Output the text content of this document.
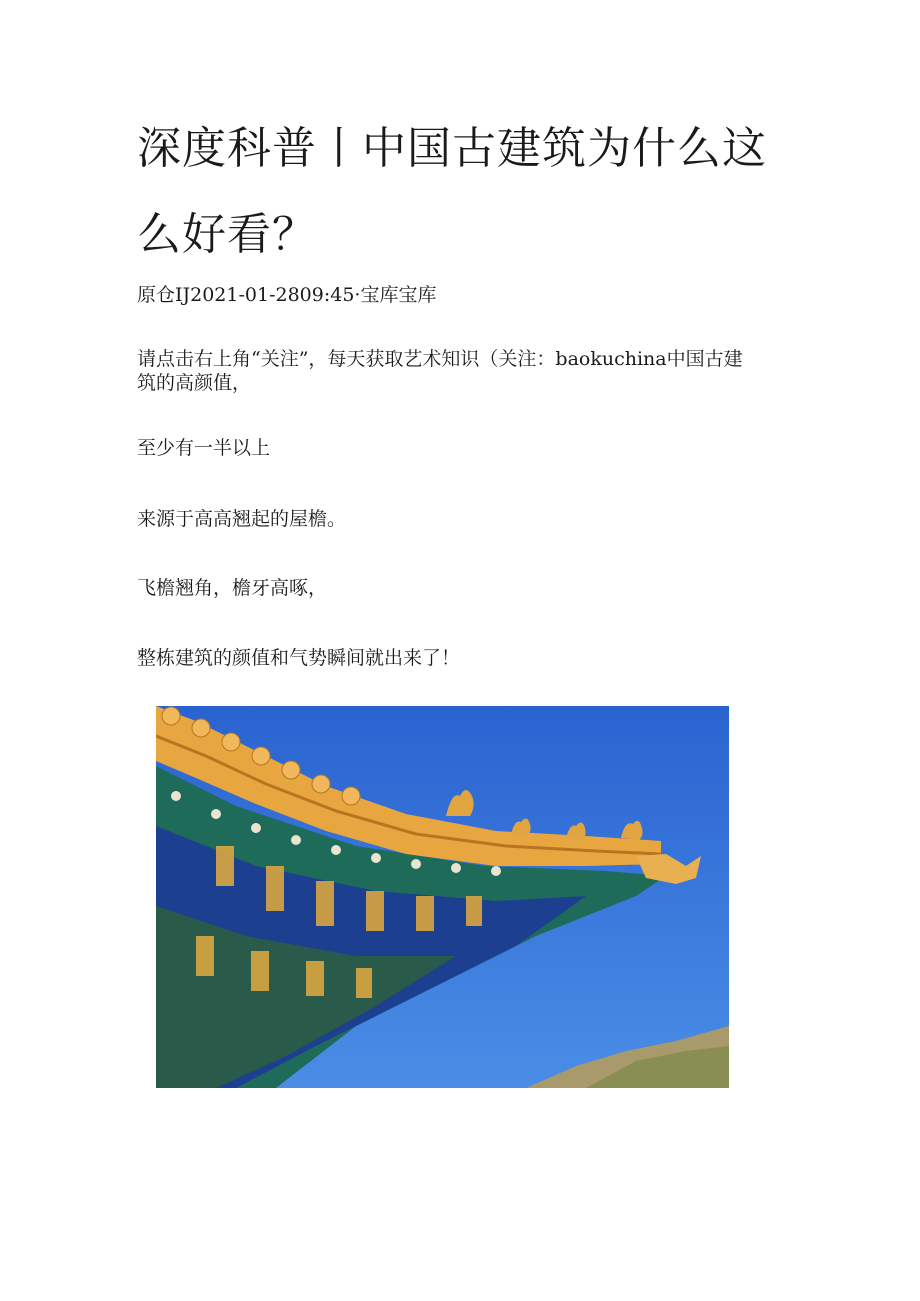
深度科普丨中国古建筑为什么这么好看？
原仓IJ2021-01-2809:45·宝库宝库

请点击右上角“关注”，每天获取艺术知识（关注：baokuchina中国古建筑的高颜值，

至少有一半以上

来源于高高翘起的屋檐。

飞檐翘角，檐牙高啄，

整栋建筑的颜值和气势瞬间就出来了！
